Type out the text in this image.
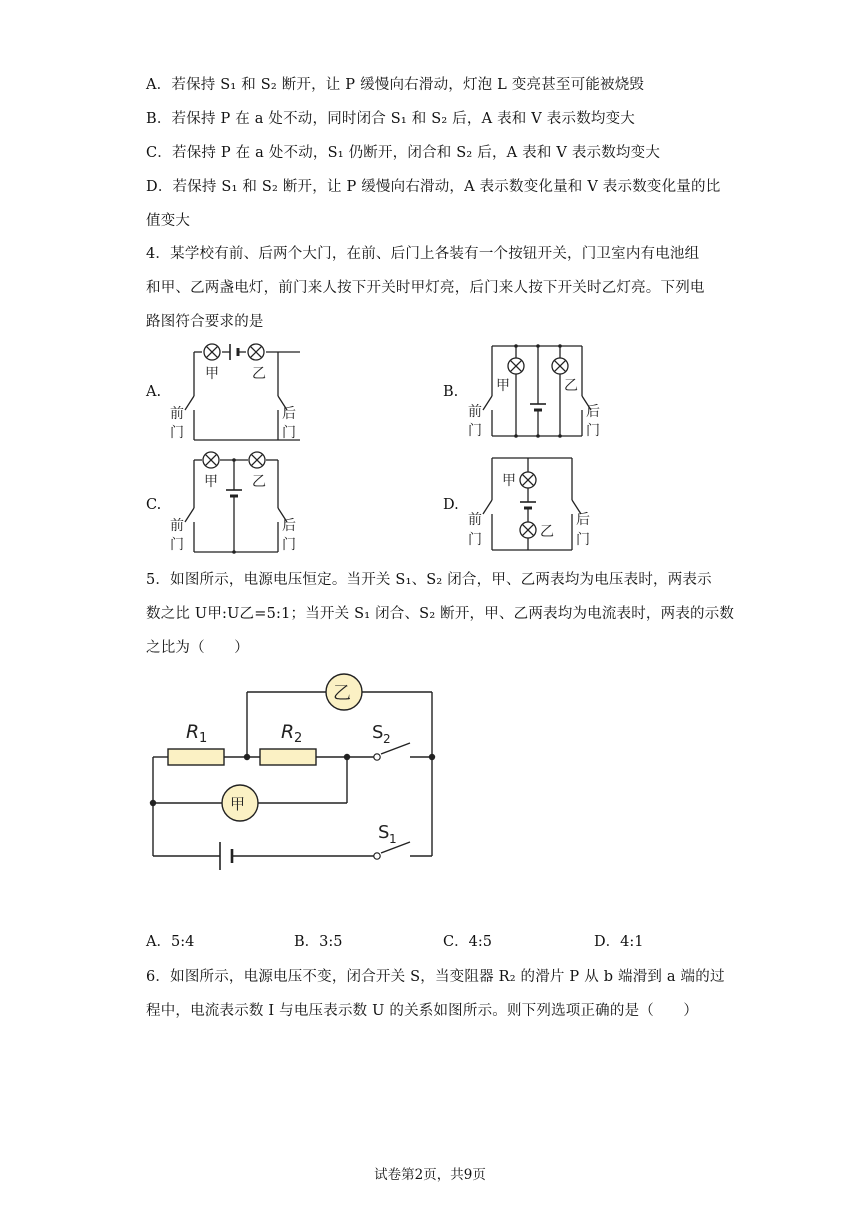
A．若保持 S₁ 和 S₂ 断开，让 P 缓慢向右滑动，灯泡 L 变亮甚至可能被烧毁
B．若保持 P 在 a 处不动，同时闭合 S₁ 和 S₂ 后，A 表和 V 表示数均变大
C．若保持 P 在 a 处不动，S₁ 仍断开，闭合和 S₂ 后，A 表和 V 表示数均变大
D．若保持 S₁ 和 S₂ 断开，让 P 缓慢向右滑动，A 表示数变化量和 V 表示数变化量的比
值变大
4．某学校有前、后两个大门，在前、后门上各装有一个按钮开关，门卫室内有电池组
和甲、乙两盏电灯，前门来人按下开关时甲灯亮，后门来人按下开关时乙灯亮。下列电
路图符合要求的是
A.	B.
C.	D.
甲 乙
前
门
后
门
甲	乙
前
门
后
门
甲 乙
前
门
后
门
甲
乙
前
门
后
门
5．如图所示，电源电压恒定。当开关 S₁、S₂ 闭合，甲、乙两表均为电压表时，两表示
数之比 U甲:U乙=5:1；当开关 S₁ 闭合、S₂ 断开，甲、乙两表均为电流表时，两表的示数
之比为（　　）
乙
甲
R 1	R 2	S 2
S 1
A．5:4	B．3:5	C．4:5	D．4:1
6．如图所示，电源电压不变，闭合开关 S，当变阻器 R₂ 的滑片 P 从 b 端滑到 a 端的过
程中，电流表示数 I 与电压表示数 U 的关系如图所示。则下列选项正确的是（　　）
试卷第2页，共9页
